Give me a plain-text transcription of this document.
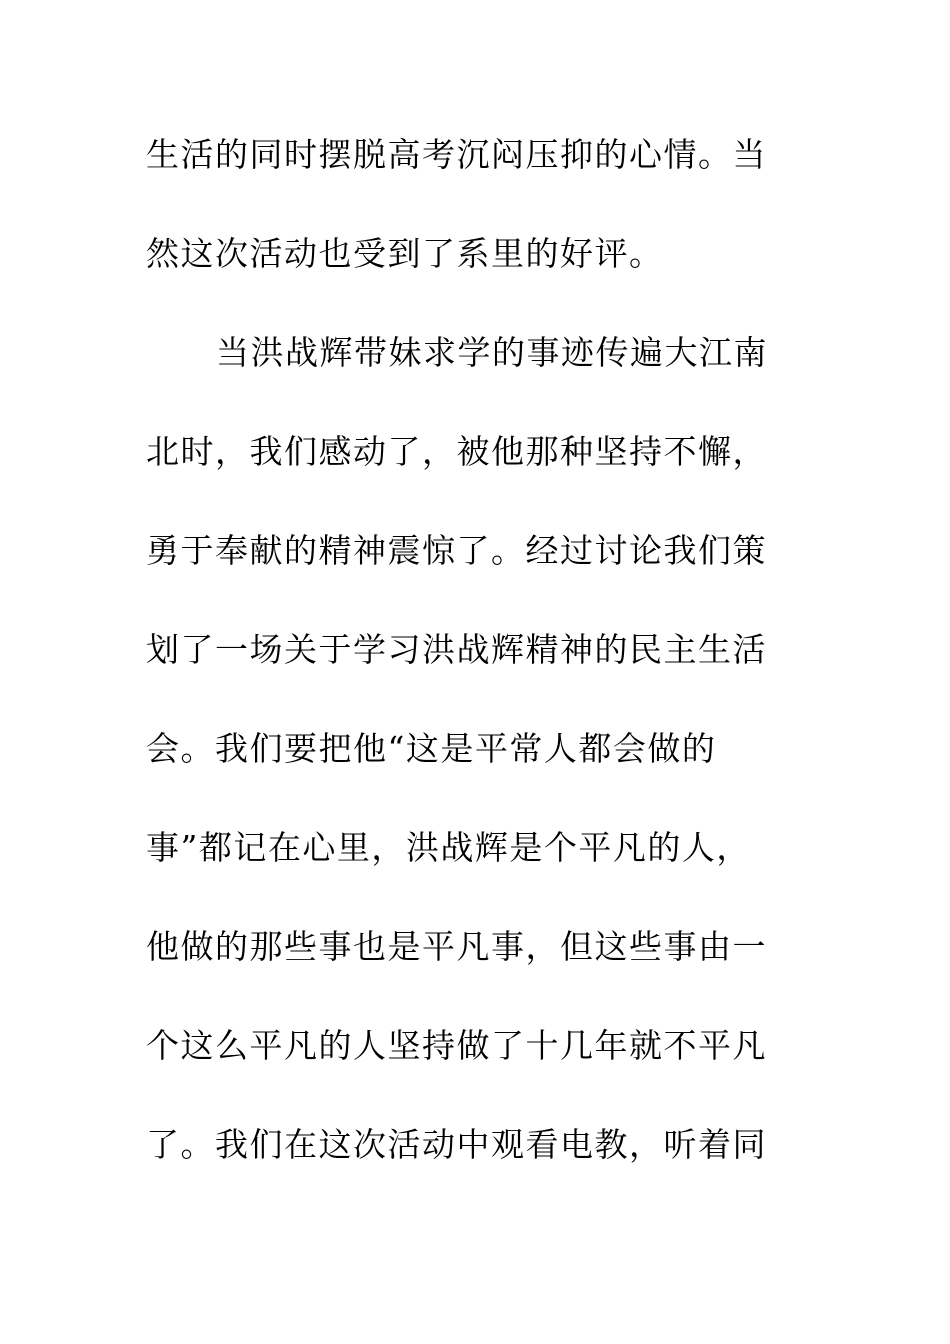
生活的同时摆脱高考沉闷压抑的心情。当
然这次活动也受到了系里的好评。
当洪战辉带妹求学的事迹传遍大江南
北时，我们感动了，被他那种坚持不懈，
勇于奉献的精神震惊了。经过讨论我们策
划了一场关于学习洪战辉精神的民主生活
会。我们要把他“这是平常人都会做的
事”都记在心里，洪战辉是个平凡的人，
他做的那些事也是平凡事，但这些事由一
个这么平凡的人坚持做了十几年就不平凡
了。我们在这次活动中观看电教，听着同
